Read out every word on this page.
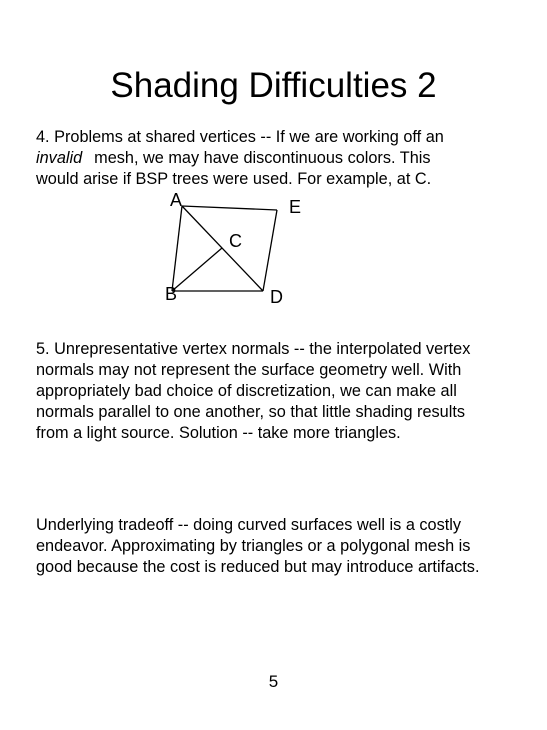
Shading Difficulties 2
4. Problems at shared vertices -- If we are working off an
invalid mesh, we may have discontinuous colors. This
would arise if BSP trees were used. For example, at C.
A	E
C
B	D
5. Unrepresentative vertex normals -- the interpolated vertex
normals may not represent the surface geometry well. With
appropriately bad choice of discretization, we can make all
normals parallel to one another, so that little shading results
from a light source. Solution -- take more triangles.
Underlying tradeoff -- doing curved surfaces well is a costly
endeavor. Approximating by triangles or a polygonal mesh is
good because the cost is reduced but may introduce artifacts.
5
